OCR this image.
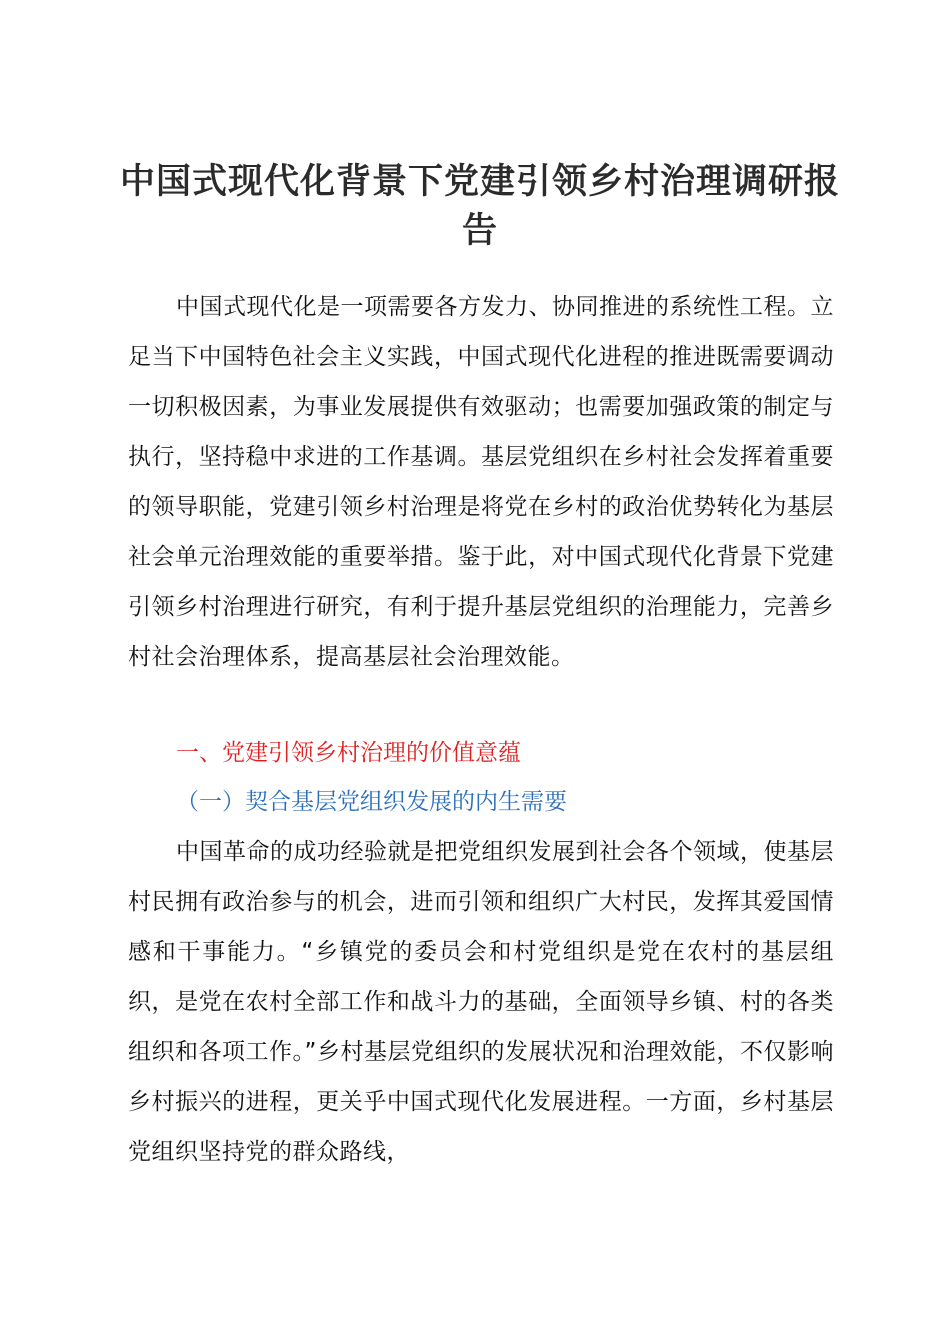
中国式现代化背景下党建引领乡村治理调研报告

中国式现代化是一项需要各方发力、协同推进的系统性工程。立足当下中国特色社会主义实践，中国式现代化进程的推进既需要调动一切积极因素，为事业发展提供有效驱动；也需要加强政策的制定与执行，坚持稳中求进的工作基调。基层党组织在乡村社会发挥着重要的领导职能，党建引领乡村治理是将党在乡村的政治优势转化为基层社会单元治理效能的重要举措。鉴于此，对中国式现代化背景下党建引领乡村治理进行研究，有利于提升基层党组织的治理能力，完善乡村社会治理体系，提高基层社会治理效能。

一、党建引领乡村治理的价值意蕴
（一）契合基层党组织发展的内生需要

中国革命的成功经验就是把党组织发展到社会各个领域，使基层村民拥有政治参与的机会，进而引领和组织广大村民，发挥其爱国情感和干事能力。“乡镇党的委员会和村党组织是党在农村的基层组织，是党在农村全部工作和战斗力的基础，全面领导乡镇、村的各类组织和各项工作。”乡村基层党组织的发展状况和治理效能，不仅影响乡村振兴的进程，更关乎中国式现代化发展进程。一方面，乡村基层党组织坚持党的群众路线，
